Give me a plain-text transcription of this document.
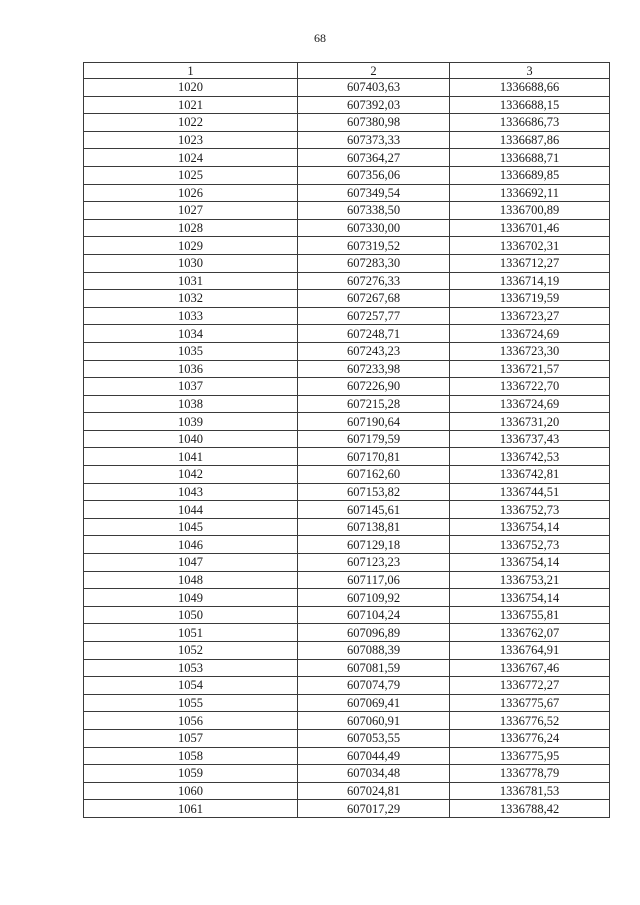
68
1	2	3
1020	607403,63	1336688,66
1021	607392,03	1336688,15
1022	607380,98	1336686,73
1023	607373,33	1336687,86
1024	607364,27	1336688,71
1025	607356,06	1336689,85
1026	607349,54	1336692,11
1027	607338,50	1336700,89
1028	607330,00	1336701,46
1029	607319,52	1336702,31
1030	607283,30	1336712,27
1031	607276,33	1336714,19
1032	607267,68	1336719,59
1033	607257,77	1336723,27
1034	607248,71	1336724,69
1035	607243,23	1336723,30
1036	607233,98	1336721,57
1037	607226,90	1336722,70
1038	607215,28	1336724,69
1039	607190,64	1336731,20
1040	607179,59	1336737,43
1041	607170,81	1336742,53
1042	607162,60	1336742,81
1043	607153,82	1336744,51
1044	607145,61	1336752,73
1045	607138,81	1336754,14
1046	607129,18	1336752,73
1047	607123,23	1336754,14
1048	607117,06	1336753,21
1049	607109,92	1336754,14
1050	607104,24	1336755,81
1051	607096,89	1336762,07
1052	607088,39	1336764,91
1053	607081,59	1336767,46
1054	607074,79	1336772,27
1055	607069,41	1336775,67
1056	607060,91	1336776,52
1057	607053,55	1336776,24
1058	607044,49	1336775,95
1059	607034,48	1336778,79
1060	607024,81	1336781,53
1061	607017,29	1336788,42
